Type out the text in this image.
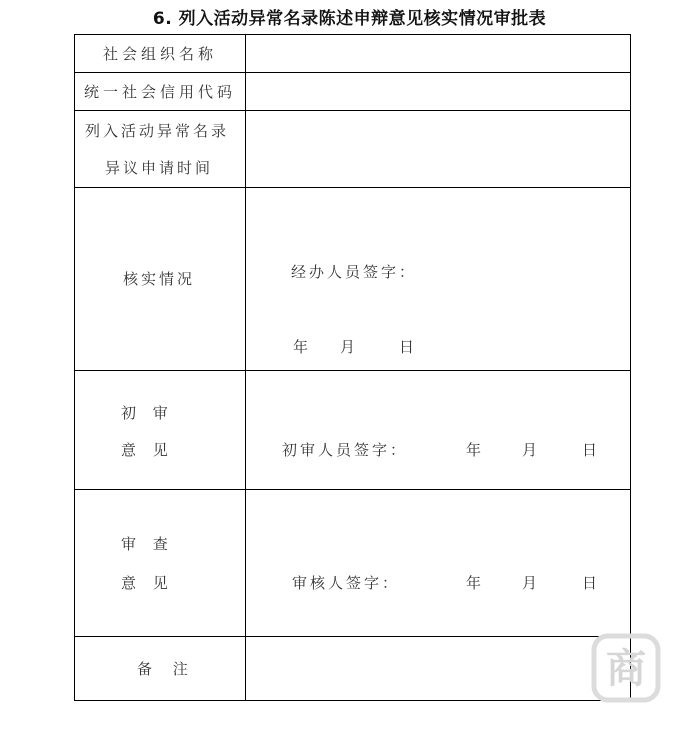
6. 列入活动异常名录陈述申辩意见核实情况审批表
社会组织名称	
统一社会信用代码	

列入活动异常名录
异议申请时间	

核实情况	经办人员签字：
年 月 日

初 审
意 见	初审人员签字： 年 月 日

审 查
意 见	审核人签字： 年 月 日

备 注	
		商
